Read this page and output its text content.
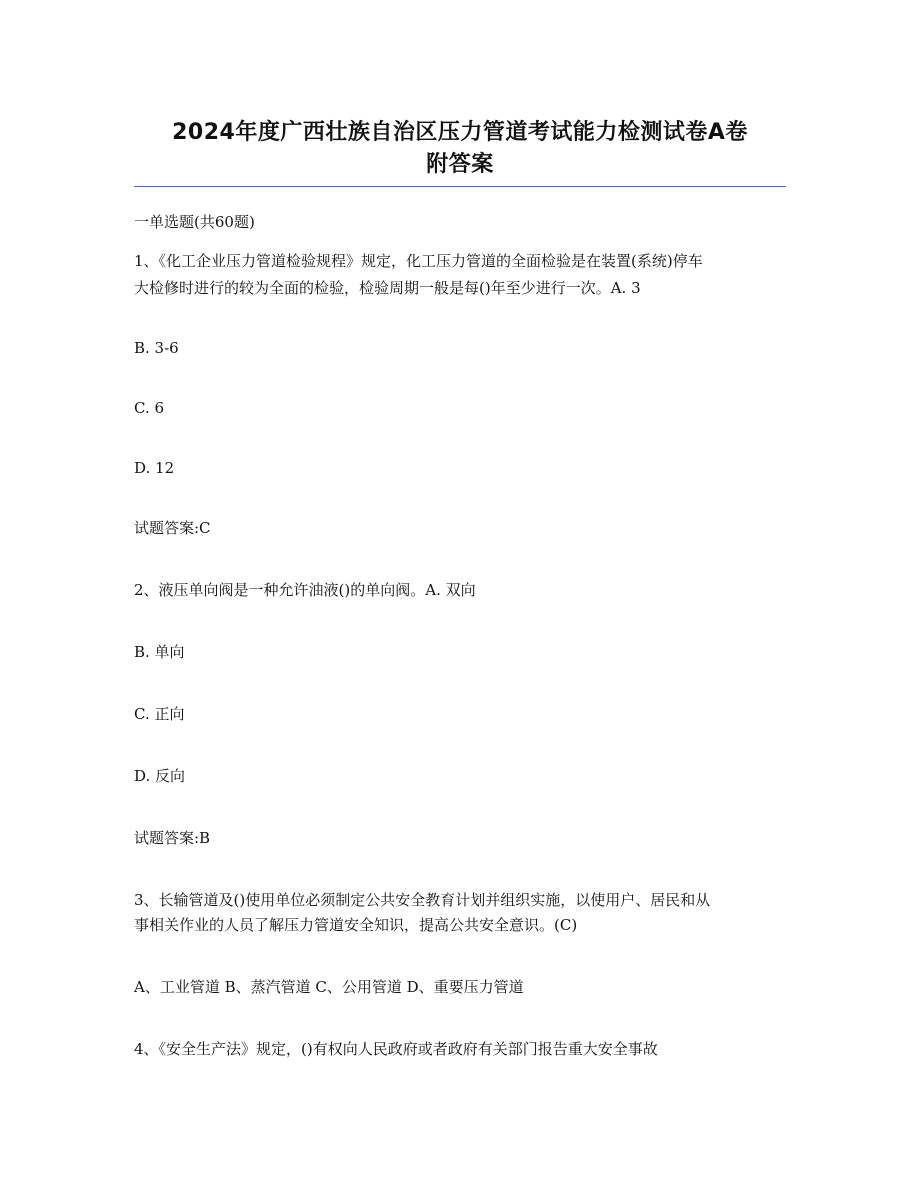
2024年度广西壮族自治区压力管道考试能力检测试卷A卷
附答案
一单选题(共60题)
1、《化工企业压力管道检验规程》规定，化工压力管道的全面检验是在装置(系统)停车
大检修时进行的较为全面的检验，检验周期一般是每()年至少进行一次。A. 3
B. 3-6
C. 6
D. 12
试题答案:C
2、液压单向阀是一种允许油液()的单向阀。A. 双向
B. 单向
C. 正向
D. 反向
试题答案:B
3、长输管道及()使用单位必须制定公共安全教育计划并组织实施，以使用户、居民和从
事相关作业的人员了解压力管道安全知识，提高公共安全意识。(C)
A、工业管道 B、蒸汽管道 C、公用管道 D、重要压力管道
4、《安全生产法》规定，()有权向人民政府或者政府有关部门报告重大安全事故
